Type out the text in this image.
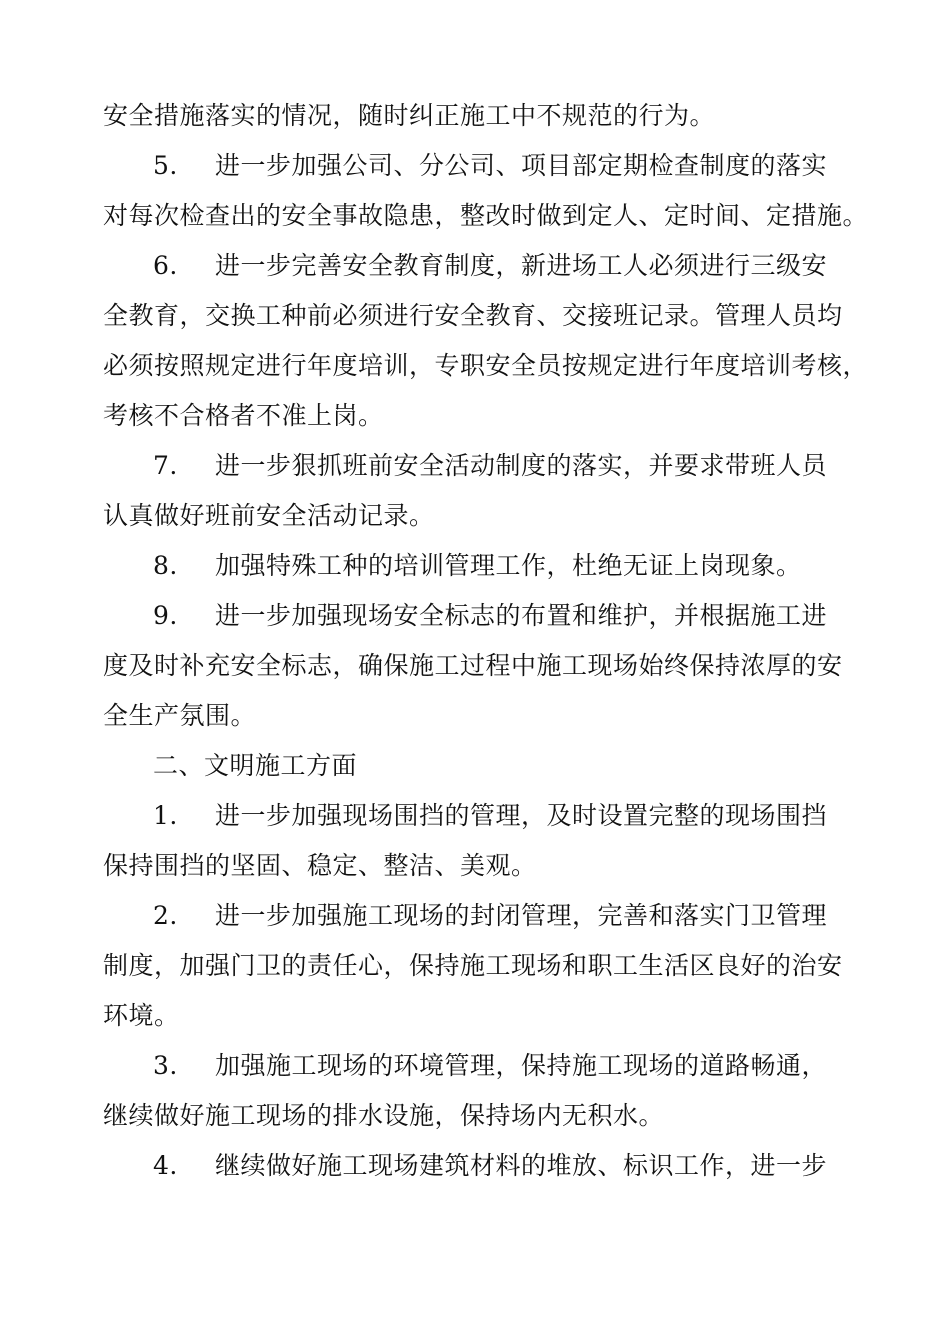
安全措施落实的情况，随时纠正施工中不规范的行为。
5. 进一步加强公司、分公司、项目部定期检查制度的落实
对每次检查出的安全事故隐患，整改时做到定人、定时间、定措施。
6. 进一步完善安全教育制度，新进场工人必须进行三级安
全教育，交换工种前必须进行安全教育、交接班记录。管理人员均
必须按照规定进行年度培训，专职安全员按规定进行年度培训考核，
考核不合格者不准上岗。
7. 进一步狠抓班前安全活动制度的落实，并要求带班人员
认真做好班前安全活动记录。
8. 加强特殊工种的培训管理工作，杜绝无证上岗现象。
9. 进一步加强现场安全标志的布置和维护，并根据施工进
度及时补充安全标志，确保施工过程中施工现场始终保持浓厚的安
全生产氛围。
二、文明施工方面
1. 进一步加强现场围挡的管理，及时设置完整的现场围挡
保持围挡的坚固、稳定、整洁、美观。
2. 进一步加强施工现场的封闭管理，完善和落实门卫管理
制度，加强门卫的责任心，保持施工现场和职工生活区良好的治安
环境。
3. 加强施工现场的环境管理，保持施工现场的道路畅通，
继续做好施工现场的排水设施，保持场内无积水。
4. 继续做好施工现场建筑材料的堆放、标识工作，进一步
